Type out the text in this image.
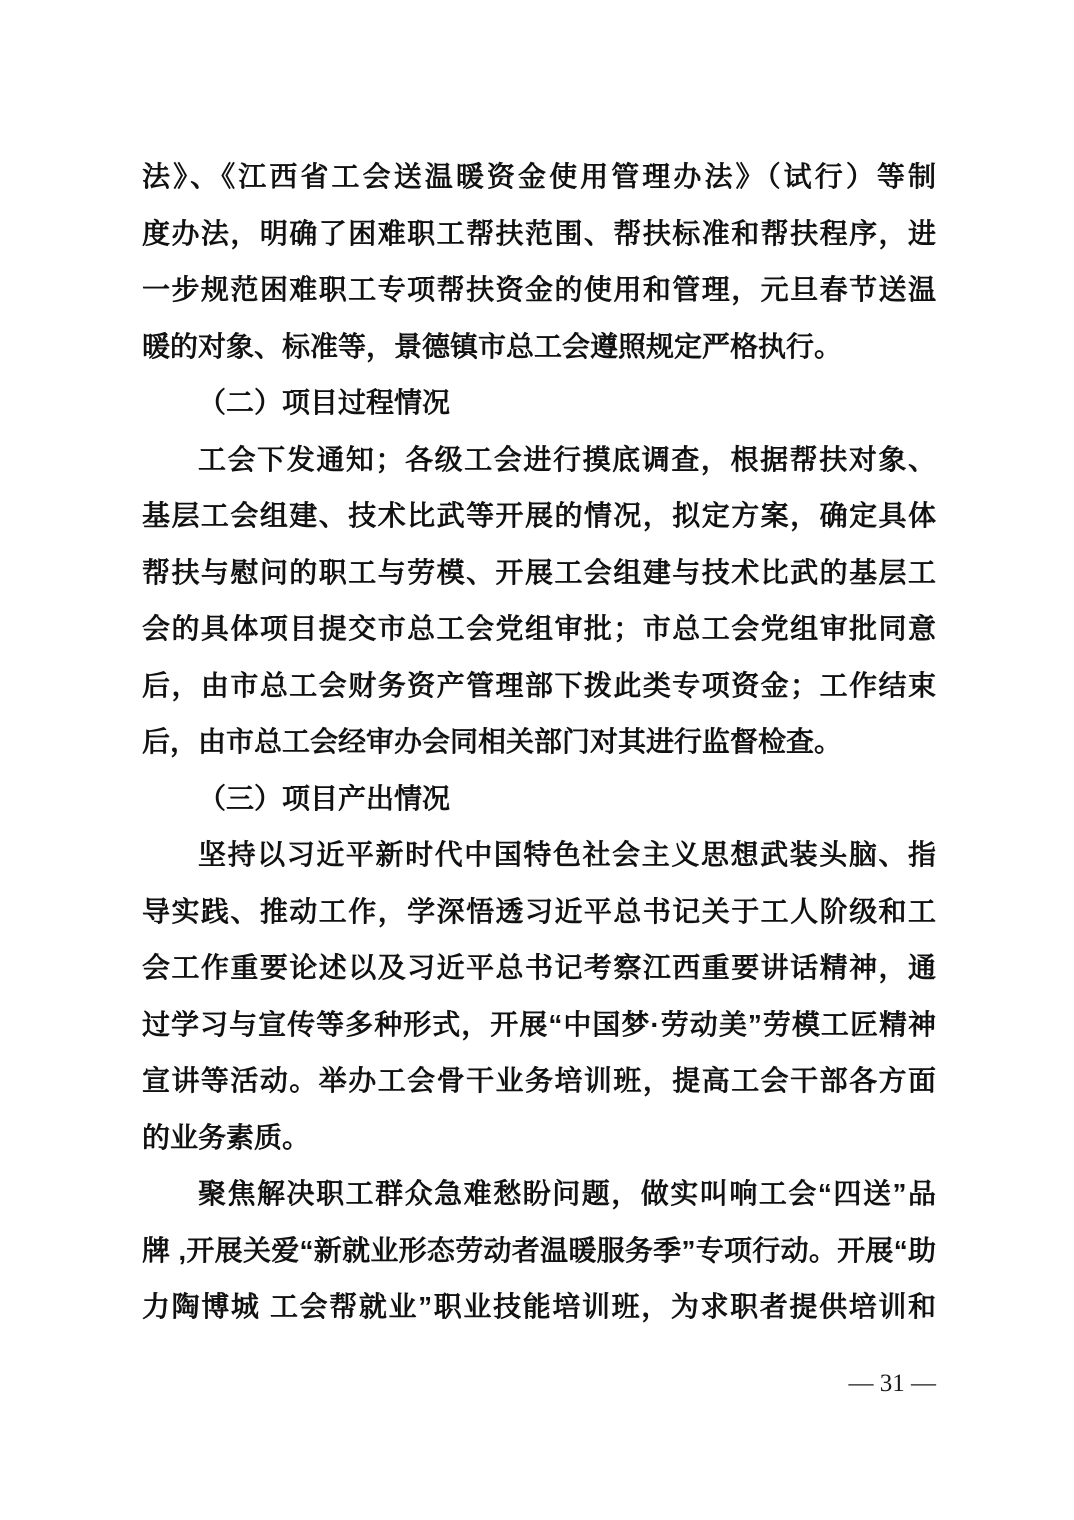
法》、《江西省工会送温暖资金使用管理办法》（试行）等制
度办法，明确了困难职工帮扶范围、帮扶标准和帮扶程序，进
一步规范困难职工专项帮扶资金的使用和管理，元旦春节送温
暖的对象、标准等，景德镇市总工会遵照规定严格执行。
（二）项目过程情况
工会下发通知；各级工会进行摸底调查，根据帮扶对象、
基层工会组建、技术比武等开展的情况，拟定方案，确定具体
帮扶与慰问的职工与劳模、开展工会组建与技术比武的基层工
会的具体项目提交市总工会党组审批；市总工会党组审批同意
后，由市总工会财务资产管理部下拨此类专项资金；工作结束
后，由市总工会经审办会同相关部门对其进行监督检查。
（三）项目产出情况
坚持以习近平新时代中国特色社会主义思想武装头脑、指
导实践、推动工作，学深悟透习近平总书记关于工人阶级和工
会工作重要论述以及习近平总书记考察江西重要讲话精神，通
过学习与宣传等多种形式，开展“中国梦·劳动美”劳模工匠精神
宣讲等活动。举办工会骨干业务培训班，提高工会干部各方面
的业务素质。
聚焦解决职工群众急难愁盼问题，做实叫响工会“四送”品
牌 ,开展关爱“新就业形态劳动者温暖服务季”专项行动。开展“助
力陶博城 工会帮就业”职业技能培训班，为求职者提供培训和
— 31 —
